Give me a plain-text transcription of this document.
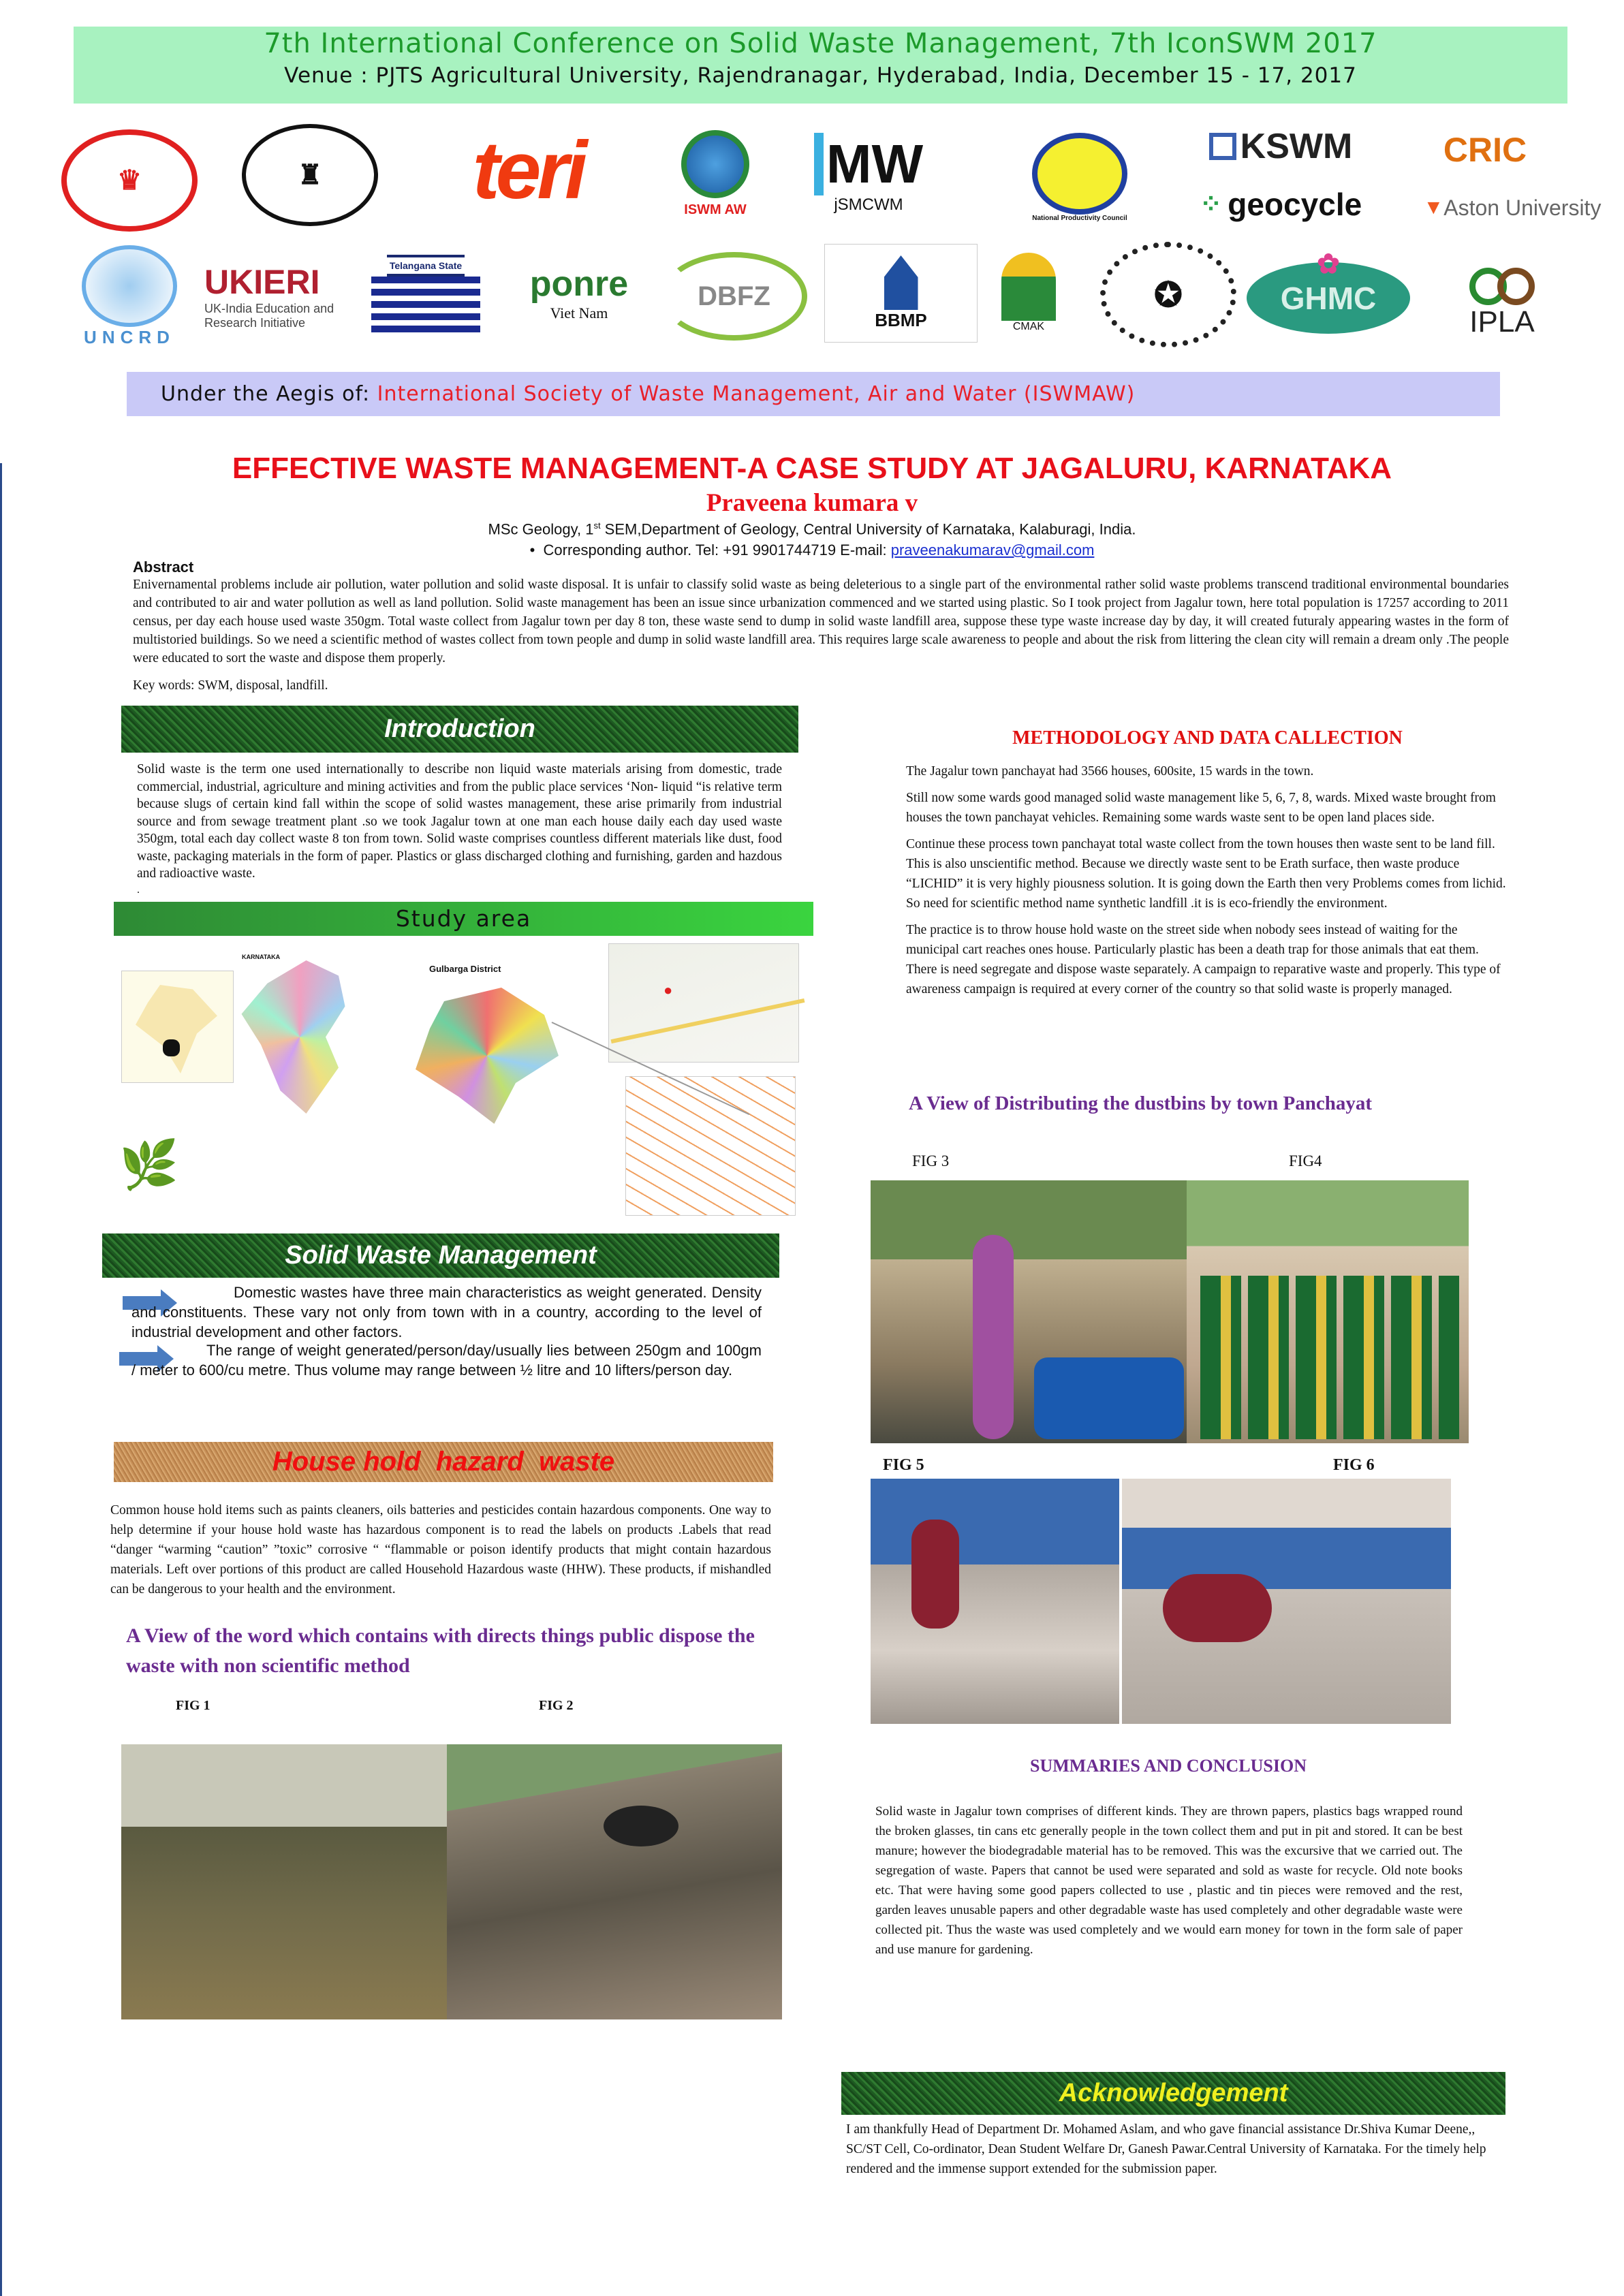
7th International Conference on Solid Waste Management, 7th IconSWM 2017
Venue : PJTS Agricultural University, Rajendranagar, Hyderabad, India, December 15 - 17, 2017
♛	♜	teri	ISWM AW
MW
jSMCWM
National Productivity Council
KSWM
⁘ geocycle
CRIC
▼ Aston University
UNCRD
UKIERI
UK-India Education and Research Initiative
Telangana State ponre
Viet Nam
DBFZ
BBMP	CMAK
✪
✿
GHMC
IPLA
Under the Aegis of: International Society of Waste Management, Air and Water (ISWMAW)
EFFECTIVE WASTE MANAGEMENT-A CASE STUDY AT JAGALURU, KARNATAKA
Praveena kumara v
MSc Geology, 1st SEM,Department of Geology, Central University of Karnataka, Kalaburagi, India.
•  Corresponding author. Tel: +91 9901744719 E-mail: praveenakumarav@gmail.com
Abstract
Enivernamental problems include air pollution, water pollution and solid waste disposal. It is unfair to classify solid waste as being deleterious to a single part of the environmental rather solid waste problems transcend traditional environmental boundaries and contributed to air and water pollution as well as land pollution. Solid waste management has been an issue since urbanization commenced and we started using plastic. So I took project from Jagalur town, here total population is 17257 according to 2011 census, per day each house used waste 350gm. Total waste collect from Jagalur town per day 8 ton, these waste send to dump in solid waste landfill area, suppose these type waste increase day by day, it will created futuraly appearing wastes in the form of multistoried buildings. So we need a scientific method of wastes collect from town people and dump in solid waste landfill area. This requires large scale awareness to people and about the risk from littering the clean city will remain a dream only .The people were educated to sort the waste and dispose them properly.
Key words: SWM, disposal, landfill.
Introduction
Solid waste is the term one used internationally to describe non liquid waste materials arising from domestic, trade commercial, industrial, agriculture and mining activities and from the public place services ‘Non- liquid “is relative term because slugs of certain kind fall within the scope of solid wastes management, these arise primarily from industrial source and from sewage treatment plant .so we took Jagalur town at one man each house daily each day used waste 350gm, total each day collect waste 8 ton from town. Solid waste comprises countless different materials like dust, food waste, packaging materials in the form of paper. Plastics or glass discharged clothing and furnishing, garden and hazdous and radioactive waste.
.
Study area
KARNATAKA
Gulbarga District
●
🌿
Solid Waste Management
Domestic wastes have three main characteristics as weight generated. Density and constituents. These vary not only from town with in a country, according to the level of industrial development and other factors.
The range of weight generated/person/day/usually lies between 250gm and 100gm / meter to 600/cu metre. Thus volume may range between ½ litre and 10 lifters/person day.
House hold  hazard  waste
Common house hold items such as paints cleaners, oils batteries and pesticides contain hazardous components. One way to help determine if your house hold waste has hazardous component is to read the labels on products .Labels that read “danger “warming “caution” ”toxic” corrosive “ “flammable or poison identify products that might contain hazardous materials. Left over portions of this product are called Household Hazardous waste (HHW). These products, if mishandled can be dangerous to your health and the environment.
A View of the word which contains with directs things public dispose the waste with non scientific method
FIG 1	FIG 2
METHODOLOGY AND DATA CALLECTION

The Jagalur town panchayat had 3566 houses, 600site, 15 wards in the town.

Still now some wards good managed solid waste management like 5, 6, 7, 8, wards. Mixed waste brought from houses the town panchayat vehicles. Remaining some wards waste sent to be open land places side.

Continue these process town panchayat total waste collect from the town houses then waste sent to be land fill. This is also unscientific method. Because we directly waste sent to be Erath surface, then waste produce “LICHID” it is very highly piousness solution. It is going down the Earth then very Problems comes from lichid. So need for scientific method name synthetic landfill .it is is eco-friendly the environment.

The practice is to throw house hold waste on the street side when nobody sees instead of waiting for the municipal cart reaches ones house. Particularly plastic has been a death trap for those animals that eat them. There is need segregate and dispose waste separately. A campaign to reparative waste and properly. This type of awareness campaign is required at every corner of the country so that solid waste is properly managed.

A View of Distributing the dustbins by town Panchayat
FIG 3	FIG4
FIG 5	FIG 6
SUMMARIES AND CONCLUSION
Solid waste in Jagalur town comprises of different kinds. They are thrown papers, plastics bags wrapped round the broken glasses, tin cans etc generally people in the town collect them and put in pit and stored. It can be best manure; however the biodegradable material has to be removed. This was the excursive that we carried out. The segregation of waste. Papers that cannot be used were separated and sold as waste for recycle. Old note books etc. That were having some good papers collected to use , plastic and tin pieces were removed and the rest, garden leaves unusable papers and other degradable waste has used completely and other degradable waste were collected pit. Thus the waste was used completely and we would earn money for town in the form sale of paper and use manure for gardening.
Acknowledgement
I am thankfully Head of Department Dr. Mohamed Aslam, and who gave financial assistance Dr.Shiva Kumar Deene,, SC/ST Cell, Co-ordinator, Dean Student Welfare Dr, Ganesh Pawar.Central University of Karnataka. For the timely help rendered and the immense support extended for the submission paper.
